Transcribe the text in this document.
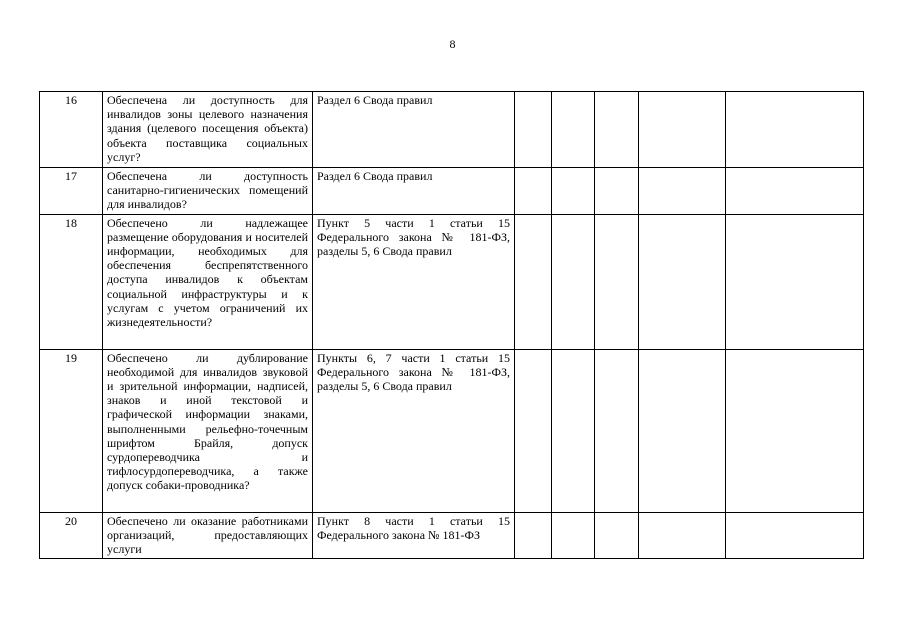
8
16	Обеспечена ли доступность для инвалидов зоны целевого назначения здания (целевого посещения объекта) объекта поставщика социальных услуг?	Раздел 6 Свода правил					
17	Обеспечена ли доступность санитарно-гигиенических помещений для инвалидов?	Раздел 6 Свода правил					
18	Обеспечено ли надлежащее размещение оборудования и носителей информации, необходимых для обеспечения беспрепятственного доступа инвалидов к объектам социальной инфраструктуры и к услугам с учетом ограничений их жизнедеятельности?	Пункт 5 части 1 статьи 15 Федерального закона № 181-ФЗ, разделы 5, 6 Свода правил					
19	Обеспечено ли дублирование необходимой для инвалидов звуковой и зрительной информации, надписей, знаков и иной текстовой и графической информации знаками, выполненными рельефно-точечным шрифтом Брайля, допуск сурдопереводчика и тифлосурдопереводчика, а также допуск собаки-проводника?	Пункты 6, 7 части 1 статьи 15 Федерального закона № 181-ФЗ, разделы 5, 6 Свода правил					
20	Обеспечено ли оказание работниками организаций, предоставляющих услуги	Пункт 8 части 1 статьи 15 Федерального закона № 181-ФЗ					
